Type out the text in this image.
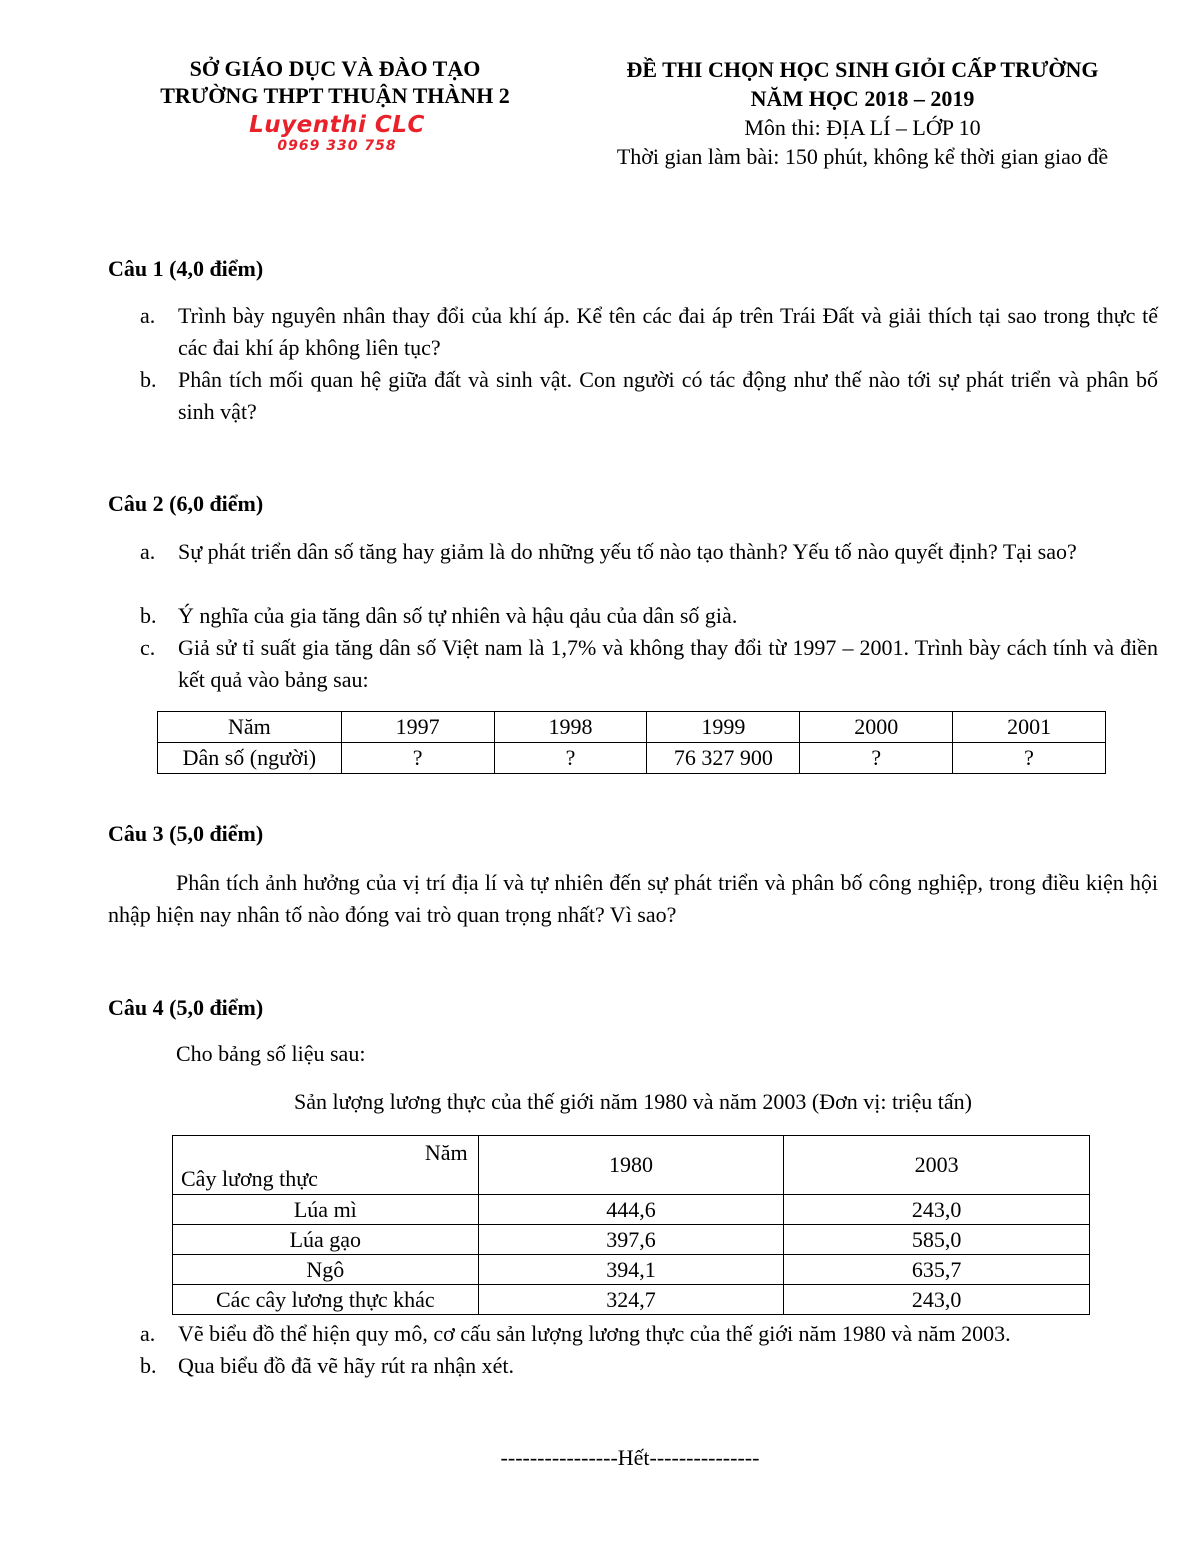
SỞ GIÁO DỤC VÀ ĐÀO TẠO
TRƯỜNG THPT THUẬN THÀNH 2
Luyenthi CLC
0969 330 758
ĐỀ THI CHỌN HỌC SINH GIỎI CẤP TRƯỜNG
NĂM HỌC 2018 – 2019
Môn thi: ĐỊA LÍ – LỚP 10
Thời gian làm bài: 150 phút, không kể thời gian giao đề
Câu 1 (4,0 điểm)
a. Trình bày nguyên nhân thay đổi của khí áp. Kể tên các đai áp trên Trái Đất và giải thích tại sao trong thực tế các đai khí áp không liên tục?
b. Phân tích mối quan hệ giữa đất và sinh vật. Con người có tác động như thế nào tới sự phát triển và phân bố sinh vật?
Câu 2 (6,0 điểm)
a. Sự phát triển dân số tăng hay giảm là do những yếu tố nào tạo thành? Yếu tố nào quyết định? Tại sao?
b. Ý nghĩa của gia tăng dân số tự nhiên và hậu qảu của dân số già.
c. Giả sử tỉ suất gia tăng dân số Việt nam là 1,7% và không thay đổi từ 1997 – 2001. Trình bày cách tính và điền kết quả vào bảng sau:
Năm	1997	1998	1999	2000	2001
Dân số (người)	?	?	76 327 900	?	?
Câu 3 (5,0 điểm)
Phân tích ảnh hưởng của vị trí địa lí và tự nhiên đến sự phát triển và phân bố công nghiệp, trong điều kiện hội nhập hiện nay nhân tố nào đóng vai trò quan trọng nhất? Vì sao?
Câu 4 (5,0 điểm)
Cho bảng số liệu sau:
Sản lượng lương thực của thế giới năm 1980 và năm 2003 (Đơn vị: triệu tấn)
Năm
Cây lương thực	1980	2003
Lúa mì	444,6	243,0
Lúa gạo	397,6	585,0
Ngô	394,1	635,7
Các cây lương thực khác	324,7	243,0
a. Vẽ biểu đồ thể hiện quy mô, cơ cấu sản lượng lương thực của thế giới năm 1980 và năm 2003.
b. Qua biểu đồ đã vẽ hãy rút ra nhận xét.
----------------Hết---------------
